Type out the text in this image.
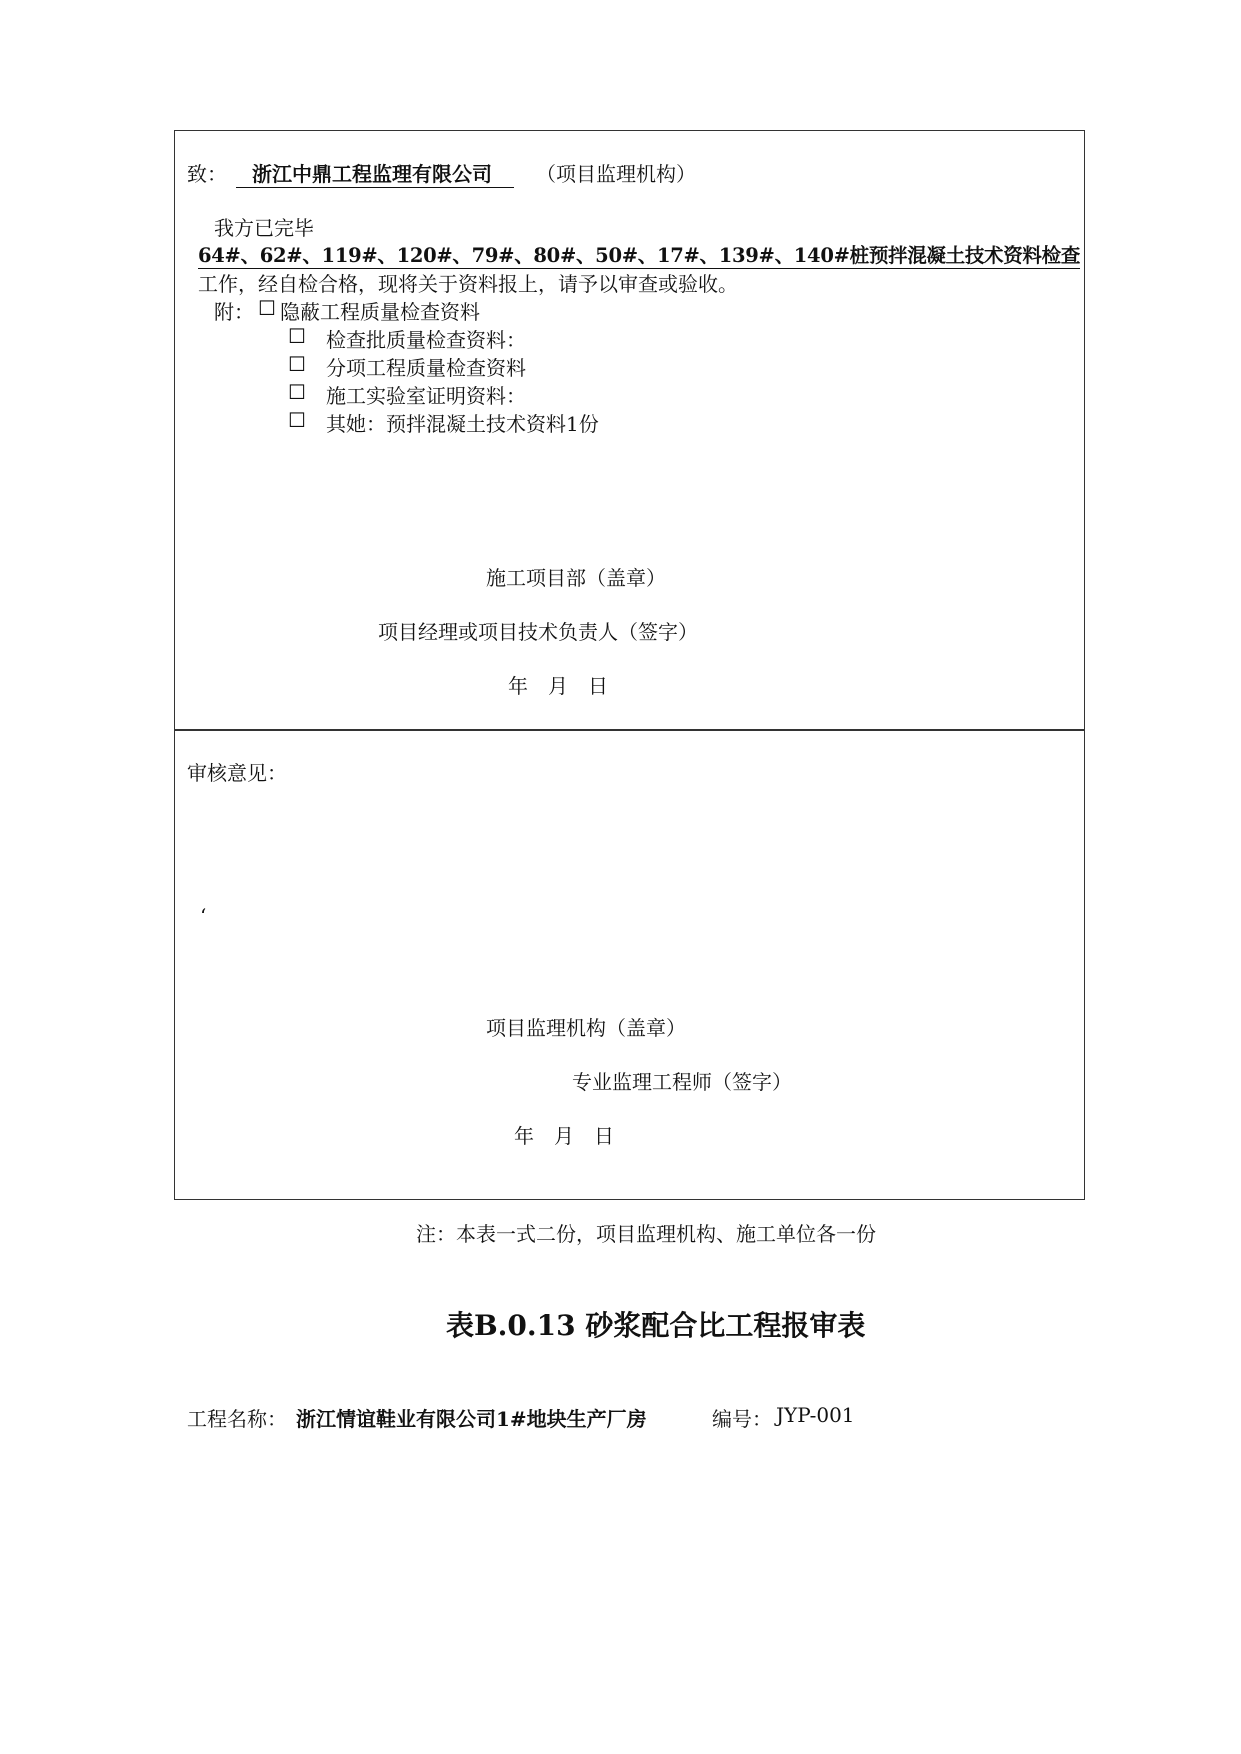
致：	浙江中鼎工程监理有限公司	（项目监理机构）
我方已完毕
64#、62#、119#、120#、79#、80#、50#、17#、139#、140#桩预拌混凝土技术资料检查
工作，经自检合格，现将关于资料报上，请予以审查或验收。
附： ☐ 隐蔽工程质量检查资料
☐ 检查批质量检查资料：
☐ 分项工程质量检查资料
☐ 施工实验室证明资料：
☐ 其她：预拌混凝土技术资料1份
施工项目部（盖章）
项目经理或项目技术负责人（签字）
年　月　日
审核意见：
‘
项目监理机构（盖章）
专业监理工程师（签字）
年　月　日
注：本表一式二份，项目监理机构、施工单位各一份
表B.0.13 砂浆配合比工程报审表
工程名称： 浙江情谊鞋业有限公司1#地块生产厂房	编号： JYP-001
